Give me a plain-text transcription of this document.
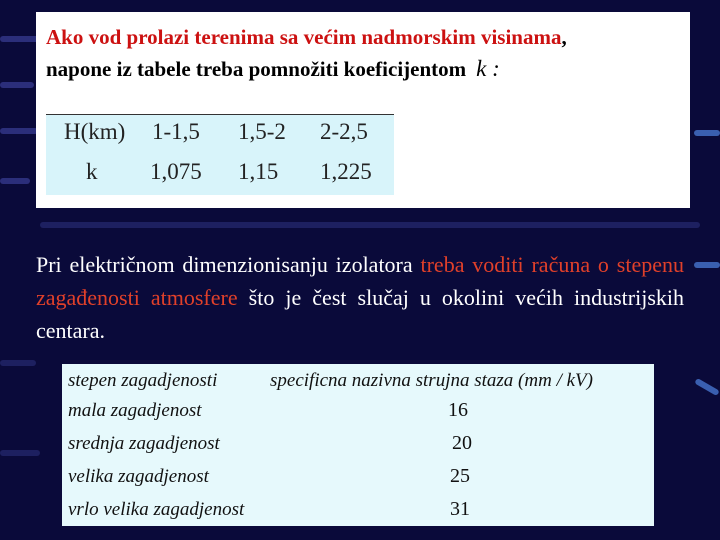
Ako vod prolazi terenima sa većim nadmorskim visinama,
napone iz tabele treba pomnožiti koeficijentom k :
H(km) 1-1,5 1,5-2 2-2,5
k 1,075 1,15 1,225
Pri električnom dimenzionisanju izolatora treba voditi računa o stepenu zagađenosti atmosfere što je čest slučaj u okolini većih industrijskih centara.
stepen zagadjenosti	specificna nazivna strujna staza (mm / kV)
mala zagadjenost	16
srednja zagadjenost	20
velika zagadjenost	25
vrlo velika zagadjenost	31
